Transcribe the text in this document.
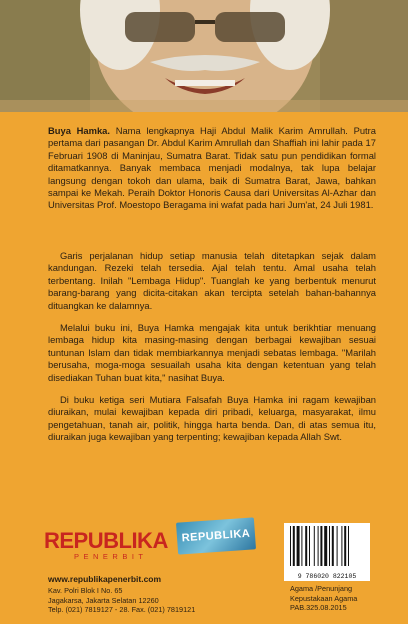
Buya Hamka. Nama lengkapnya Haji Abdul Malik Karim Amrullah. Putra pertama dari pasangan Dr. Abdul Karim Amrullah dan Shaffiah ini lahir pada 17 Februari 1908 di Maninjau, Sumatra Barat. Tidak satu pun pendidikan formal ditamatkannya. Banyak membaca menjadi modalnya, tak lupa belajar langsung dengan tokoh dan ulama, baik di Sumatra Barat, Jawa, bahkan sampai ke Mekah. Peraih Doktor Honoris Causa dari Universitas Al-Azhar dan Universitas Prof. Moestopo Beragama ini wafat pada hari Jum'at, 24 Juli 1981.

Garis perjalanan hidup setiap manusia telah ditetapkan sejak dalam kandungan. Rezeki telah tersedia. Ajal telah tentu. Amal usaha telah terbentang. Inilah "Lembaga Hidup". Tuanglah ke yang berbentuk menurut barang-barang yang dicita-citakan akan tercipta setelah bahan-bahannya dituangkan ke dalamnya.

Melalui buku ini, Buya Hamka mengajak kita untuk berikhtiar menuang lembaga hidup kita masing-masing dengan berbagai kewajiban sesuai tuntunan Islam dan tidak membiarkannya menjadi sebatas lembaga. "Marilah berusaha, moga-moga sesuailah usaha kita dengan ketentuan yang telah disediakan Tuhan buat kita," nasihat Buya.

Di buku ketiga seri Mutiara Falsafah Buya Hamka ini ragam kewajiban diuraikan, mulai kewajiban kepada diri pribadi, keluarga, masyarakat, ilmu pengetahuan, tanah air, politik, hingga harta benda. Dan, di atas semua itu, diuraikan juga kewajiban yang terpenting; kewajiban kepada Allah Swt.

REPUBLIKA
PENERBIT
REPUBLIKA
www.republikapenerbit.com
Kav. Polri Blok I No. 65
Jagakarsa, Jakarta Selatan 12260
Telp. (021) 7819127 - 28. Fax. (021) 7819121
9 786020 822105
Agama /Penunjang
Kepustakaan Agama
PAB.325.08.2015
